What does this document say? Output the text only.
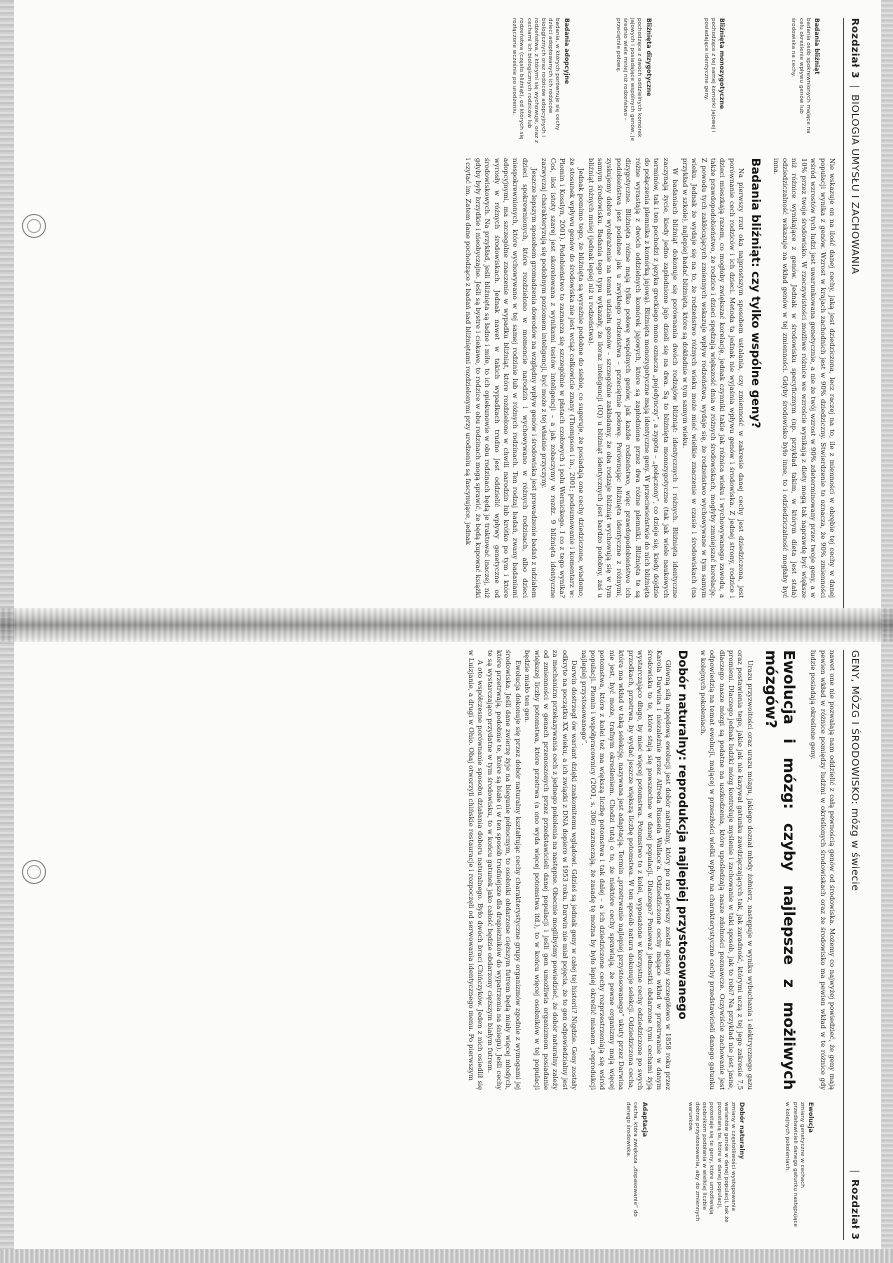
Rozdział 3
|
BIOLOGIA UMYSŁU I ZACHOWANIA

Badania bliźniąt
badania osób spokrewnionych mające na celu określenie wpływu genów lub środowiska na cechy.

Bliźnięta monozygotyczne
pochodzące z tej samej komórki jajowej i posiadające identyczne geny.

Bliźnięta dizygotyczne
pochodzące z dwóch oddzielnych komórek jajowych i posiadające wspólnych genów, je średnio wiele mniej niż rodzeństwo – przeciętnie połowę.

Badania adopcyjne
badania, w których porównuje się cechy dzieci adoptowanych ich rodziców biologicznych oraz rodziców adopcyjnych i rodzeństwa, z którymi się wychowuje, oraz z cechami ich biologicznych rodziców lub rodzeństwa (często bliźniąt), od których się rozłączone wcześnie po urodzeniu.

Nie wskazuje on na ilość danej cechy, jaką jest dziedziczona, lecz raczej na to, ile z mienności w obrębie tej cechy w danej populacji wynika z genów. Wzrost w krajach zachodnich jest w 90% dziedziczny. Stwierdzenie to oznacza, że 90% zmienności wśród wzrostów tych ludzi jest uwarunkowana genetycznie, a nie że twój wzrost w 90% zdeterminowany przez twoje geny, a w 10% przez twoje środowisko. W rzeczywistości możliwe różnice we wzroście wynikają z diety mogą tak naprawdę być większe niż różnice wynikające z genów. Jednak w środowisku specyficznym (np. przykład takim, w którym dieta jest stała) odziedziczalność wskazuje na wkład genów w tej zmienności. Gdyby środowisko było inne, to i odziedziczalność mogłaby być inna.

Badania bliźniąt: czy tylko wspólne geny?

Na pierwszy rzut oka najprostszym sposobem ustalania, czy zmienność w zakresie danej cechy jest dziedziczona, jest porównanie cech rodziców i ich dzieci. Metoda ta jednak nie wyjaśnia wpływu genów i środowiska. Z jednej strony, rodzice i dzieci mieszkają razem, co mogłoby zwiększać korelację, jednak czynniki takie jak różnica wieku i wychowywanego zawodu, a także prawdopodobieństwo, że rodzice i dzieci spędzają większość dnia w różnych środowiskach, mogłyby zmniejszać korelację. Z powodu tych zakłócających zmiennych wskazuje wpływ rodzeństwa, wydaje się, że rodzeństwo wychowywane w tym samym wieku. Jednak że wydaje się na to, że rodzeństwo różnych wieku może mieć wielkie znaczenie w czasie i środowiskach (na przykład w szkole), najlepiej badać bliźnięta, które są dokładnie w tym samym wieku.

W badaniach bliźniąt dokonuje się porównania dwóch rodzajów bliźniąt: identycznych i różnych. Bliźnięta identyczne zaczynają życie, kiedy jedno zapłodnione jajo dzieli się na dwa. Są to bliźnięta monozygotyczne (tak jak wiele naukowych terminów, tak i ten pochodzi z języka greckiego mono oznacza „pojedynczy”, a zygota – „połączony”, co dzieje się, kiedy dojdzie do połączenia plemnika z komórką jajową). Bliźnięta monozygotyczne mają identyczne geny. W przeciwieństwie do nich bliźnięta różne wyrastają z dwóch oddzielnych komórek jajowych, które są zapłodnione przez dwa różne plemniki. Bliźnięta te są dizygotyczne. Bliźnięta różne mają tylko połowę wspólnych genów, jak każde rodzeństwo, więc prawdopodobieństwo ich podobieństwa jest podobne jak u zwykłego rodzeństwa – przeciętnie połowę. Porównując bliźnięta identyczne z różnymi, zyskujemy dobre wyobrażenie na temat udziału genów – szczególnie zakładamy, że oba rodzaje bliźniąt wychowują się w tym samym środowisku. Badania tego typu wykazały, że iloraz inteligencji (IQ) u bliźniąt identycznych jest bardzo podobny, zaś u bliźniąt różnych mniej (jednak lepiej niż u rodzeństwa).

Jednak pomimo tego, że bliźnięta są wyraźnie podobne do siebie, co sugeruje, że posiadają one cechy dziedziczone, wiadomo, że stosunek wpływu genów do środowiska nie jest wciąż całkowicie znany (Thompson i in., 2001; podsumowanie i komentarz w: Plomin i Kosslyn, 2001). Podobieństwo to zaznacza się szczególnie w płatach czołowych i polu Wernickego. I co z tego wynika? Coś, iloś istoty szarej jest skorelowana z wynikami testów inteligencji – a jak zobaczymy w rozdz. 9 bliźnięta identyczne zazwyczaj charakteryzują się podobnym poziomem inteligencji, być może z tej właśnie przyczyny.

Jeszcze lepszym sposobem gromadzenia dowodów na względny wpływ genów i środowiska jest prowadzenie badań z udziałem dzieci spokrewnionych, które rozdzielono w momencie narodzin i wychowywano w różnych rodzinach, albo dzieci niespokrewnionych, które wychowywano w tej samej rodzinie lub w różnych rodzinach. Ten rodzaj badań, zwany badaniami adopcyjnymi, ma szczególne znaczenie w wypadku bliźniąt, które rozdzielono w chwili narodzin lub krótko po tym i które wyrosły w różnych środowiskach. Jednak nawet w takich wypadkach trudno jest oddzielić wpływy genetyczne od środowiskowych. Na przykład, jeśli bliźnięta są ładne i miłe, to ich opiekunowie w obu rodzinach będą je traktować inaczej, niż gdyby były brzydkie i nieobyczajne. Jeśli są bystre i ciekawe, to rodzice w obu rodzinach mogą sprawić, że będą kupować książki i czytać im. Zatem dane pochodzące z badań nad bliźniętami rozdzielonymi przy urodzeniu są fascynujące, jednak

GENY, MÓZG I ŚRODOWISKO: mózg w świecie
|
Rozdział 3

nawet one nie pozwalają nam oddzielić z całą pewnością genów od środowiska. Możemy co najwyżej powiedzieć, że geny mają pewien wkład w różnice pomiędzy ludźmi w określonych środowiskach oraz że środowisko ma pewien wkład w te różnice gdy ludzie posiadają określone geny.

Ewolucja i mózg: czyby najlepsze z możliwych mózgów?

Urazu przyzwoitości oraz urazu mózgu, jakiego doznał młody żołnierz, następuje w wyniku wybuchania i elektrycznego gazu oraz postawienia tego, jakie jak nie kazywał gatunku zawdzięczających tak, jak zaradność, którymi uczą z tej jego zakresie 7,5 promieni. Dlaczego jednak ludzki mózg kontroluje myślenie i zachowanie w taki sposób, jak to robi? Na przykład nie jest jasne, dlaczego nasze mózgi są podatne na uszkodzenia, które upośledzają nasze zdolności poznawcze. Oczywiście zachowanie jest odpowiedzią na temat ewolucji, mającej w przeszłości wielki wpływ na charakterystyczne cechy przedstawicieli danego gatunku w kolejnych pokoleniach.

Dobór naturalny: reprodukcja najlepiej przystosowanego

Główną siłą napędową ewolucji jest dobór naturalny, który po raz pierwszy został opisany szczegółowo w 1858 roku przez Karola Darwina i niezależnie przez Alfreda Russela Wallace’a. Odziedziczone cechy mające wkład w przetrwanie w danym środowisku to te, które stają się powszechne w danej populacji. Dlaczego? Ponieważ jednostki obdarzone tymi cechami żyją wystarczająco długo, by mieć więcej potomstwa. Potomstwo to z kolei, wyposażone w korzystne cechy odziedziczone po swych przodkach, przetrwa, by wydać jeszcze większą liczbę potomstwa. W ten sposób natura dokonuje selekcji. Odziedziczona cecha, która ma wkład w taką selekcję, nazywana jest adaptacją. Termin „przetrwanie najlepiej przystosowanego” ukuty przez Darwina nie jest, być może, trafnym określeniem. Chodzi tutaj o to, że niektóre cechy sprawiają, że pewne organizmy mają więcej potomstwa, które z kolei też ma większą liczbę potomstwa i tak dalej – a ich dziedziczone cechy rozprzestrzeniają się wśród populacji. Plomin i współpracownicy (2001, s. 306) zaznaczają, że zasadę tę można by było lepiej określić mianem „reprodukcji najlepiej przystosowanego”.

Darwin dostrzegł ów wariant dzięki znakomitemu wglądowi. Gdzieś są jednak geny w całej tej historii? Nigdzie. Geny zostały odkryte na początku XX wieku, a ich związki z DNA dopiero w 1953 roku. Darwin nie miał pojęcia, że to gen odpowiedzialny jest za mechanizm przekazywania cech z jednego pokolenia na następne. Obecnie moglibyśmy powiedzieć, że dobór naturalny zależy od zmienności w genach przenoszonych przez przedstawicieli danej populacji i jeśli gen umożliwia organizmom posiadanie większej liczby potomstwa, które przetrwa (a ono wyda więcej potomstwa itd.), to w końcu więcej osobników w tej populacji będzie miało ten gen.

Ewolucja dokonuje się przez dobór naturalny kształtując cechy charakterystyczne grupy organizmów zgodnie z wymogami jej środowiska. Jeśli dane zwierzę żyje na biegunie północnym, to osobniki obdarzone cięższym futrem będą miały więcej młodych, które przetrwają, podobnie te, które są białe (i w ten sposób trudniejsze dla drapieżników do wypatrzenia na śniegu). Jeśli cechy te są wystarczająco przydatne w tym środowisku, to w końcu gatunek jako całość będzie obdarzony cięższym białym futrem.

A oto współczesne porównanie sposobu działania doboru naturalnego. Było dwóch braci Chińczyków. Jeden z nich osiedlił się w Luizjanie, a drugi w Ohio. Obaj otworzyli chińskie restauracje i rozpoczęli od serwowania identycznego menu. Po pierwszym

Ewolucja
zmiany genetyczne w cechach przedstawicieli danego gatunku następujące w kolejnych pokoleniach.

Dobór naturalny
zmiany w częstotliwości występowania wariantów genów w danej populacji, tak że pozostaną te, które w danej populacji, pozostaje się te geny, które umożliwiają osobnikom podołania w wielkiej liczbie dobrze przystosowania, aby do zmiennych warunków.

Adaptacja
cecha, która zwiększa „dopasowanie” do danego środowiska.
